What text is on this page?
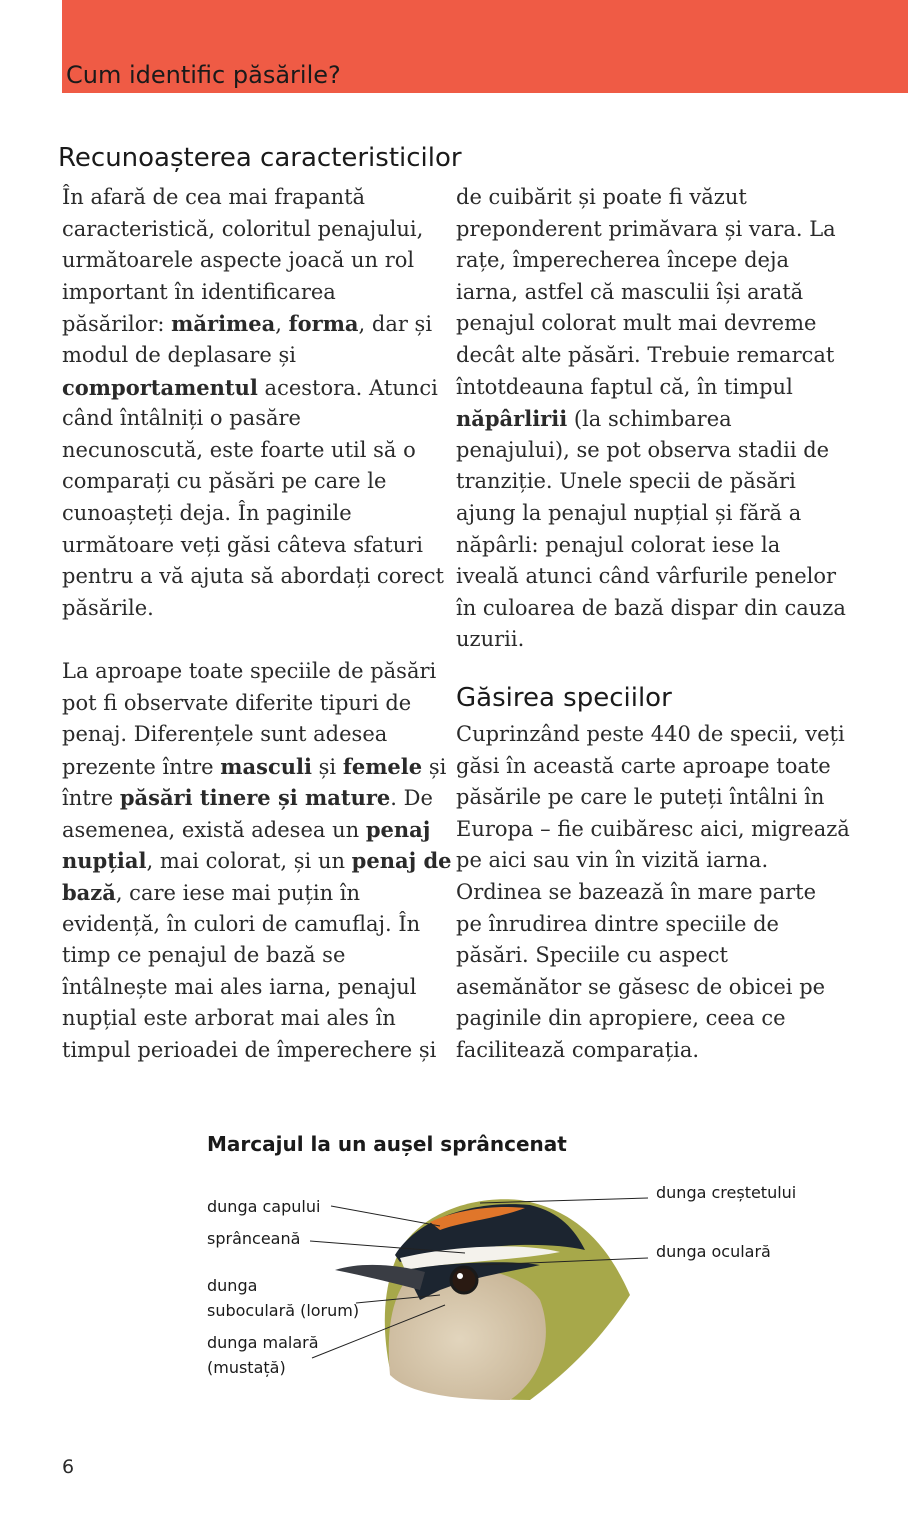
Cum identific păsările?
Recunoașterea caracteristicilor
În afară de cea mai frapantă
caracteristică, coloritul penajului,
următoarele aspecte joacă un rol
important în identificarea
păsărilor: mărimea, forma, dar și
modul de deplasare și
comportamentul acestora. Atunci
când întâlniți o pasăre
necunoscută, este foarte util să o
comparați cu păsări pe care le
cunoașteți deja. În paginile
următoare veți găsi câteva sfaturi
pentru a vă ajuta să abordați corect
păsările.
La aproape toate speciile de păsări
pot fi observate diferite tipuri de
penaj. Diferențele sunt adesea
prezente între masculi și femele și
între păsări tinere și mature. De
asemenea, există adesea un penaj
nupțial, mai colorat, și un penaj de
bază, care iese mai puțin în
evidență, în culori de camuflaj. În
timp ce penajul de bază se
întâlnește mai ales iarna, penajul
nupțial este arborat mai ales în
timpul perioadei de împerechere și
de cuibărit și poate fi văzut
preponderent primăvara și vara. La
rațe, împerecherea începe deja
iarna, astfel că masculii își arată
penajul colorat mult mai devreme
decât alte păsări. Trebuie remarcat
întotdeauna faptul că, în timpul
năpârlirii (la schimbarea
penajului), se pot observa stadii de
tranziție. Unele specii de păsări
ajung la penajul nupțial și fără a
năpârli: penajul colorat iese la
iveală atunci când vârfurile penelor
în culoarea de bază dispar din cauza
uzurii.
Găsirea speciilor
Cuprinzând peste 440 de specii, veți
găsi în această carte aproape toate
păsările pe care le puteți întâlni în
Europa – fie cuibăresc aici, migrează
pe aici sau vin în vizită iarna.
Ordinea se bazează în mare parte
pe înrudirea dintre speciile de
păsări. Speciile cu aspect
asemănător se găsesc de obicei pe
paginile din apropiere, ceea ce
facilitează comparația.
Marcajul la un aușel sprâncenat
dunga capului
sprânceană
dunga
suboculară (lorum)
dunga malară
(mustață)
dunga creștetului
dunga oculară
6
